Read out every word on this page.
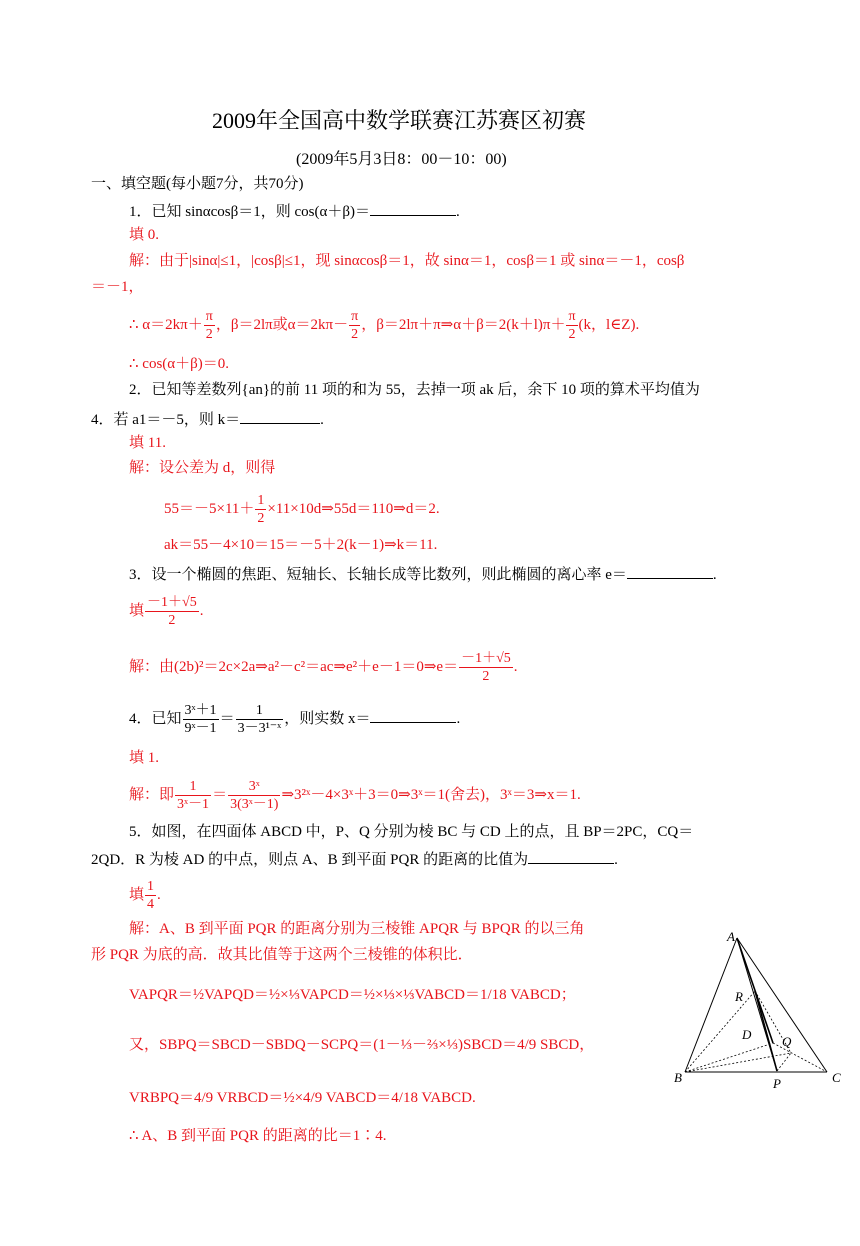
2009年全国高中数学联赛江苏赛区初赛
(2009年5月3日8：00－10：00)
一、填空题(每小题7分，共70分)
1．已知 sinαcosβ＝1，则 cos(α＋β)＝	.
填 0.
解：由于|sinα|≤1，|cosβ|≤1，现 sinαcosβ＝1，故 sinα＝1，cosβ＝1 或 sinα＝－1，cosβ
＝－1，
∴ $\alpha=2k\pi+ \frac{\pi}{2}$ ，β＝2lπ或$\alpha=2k\pi- \frac{\pi}{2}$ ，β＝2lπ＋π⇒α＋β＝2(k＋l)π＋ $\frac{\pi}{2} (k$，l∈Z).
∴ cos(α＋β)＝0.
2．已知等差数列{an}的前 11 项的和为 55，去掉一项 ak 后，余下 10 项的算术平均值为
4．若 a1＝－5，则 k＝	.
填 11.
解：设公差为 d，则得
$55=-5\times 11+ \frac{1}{2}$ ×11×10d⇒55d＝110⇒d＝2.
ak＝55－4×10＝15＝－5＋2(k－1)⇒k＝11.
3．设一个椭圆的焦距、短轴长、长轴长成等比数列，则此椭圆的离心率 e＝	.
填 $\frac{-1+√5}{2}$ .
解：由(2b)²＝2c×2a⇒a²－c²＝ac⇒e²＋e－1＝0⇒e＝ $\frac{-1+√5}{2}$ .
4．已知 $\frac{\text{3ˣ＋1}}{\text{9ˣ－1}} = \frac{1}{\text{3－3¹⁻ˣ}}$ ，则实数 x＝	.
填 1.
解：即 $\frac{1}{\text{3ˣ－1}} = \frac{\text{3ˣ}}{\text{3(3ˣ－1)}}$ ⇒3²ˣ－4×3ˣ＋3＝0⇒3ˣ＝1(舍去)，3ˣ＝3⇒x＝1.
5．如图，在四面体 ABCD 中，P、Q 分别为棱 BC 与 CD 上的点，且 BP＝2PC，CQ＝
2QD．R 为棱 AD 的中点，则点 A、B 到平面 PQR 的距离的比值为	.
填 $\frac{1}{4}$ .
解：A、B 到平面 PQR 的距离分别为三棱锥 APQR 与 BPQR 的以三角
形 PQR 为底的高．故其比值等于这两个三棱锥的体积比．
VAPQR＝½VAPQD＝½×⅓VAPCD＝½×⅓×⅓VABCD＝1/18 VABCD；
又，SBPQ＝SBCD－SBDQ－SCPQ＝(1－⅓－⅔×⅓)SBCD＝4/9 SBCD，
VRBPQ＝4/9 VRBCD＝½×4/9 VABCD＝4/18 VABCD.
∴ A、B 到平面 PQR 的距离的比＝1∶4.
A
B	C
P
R
D Q
